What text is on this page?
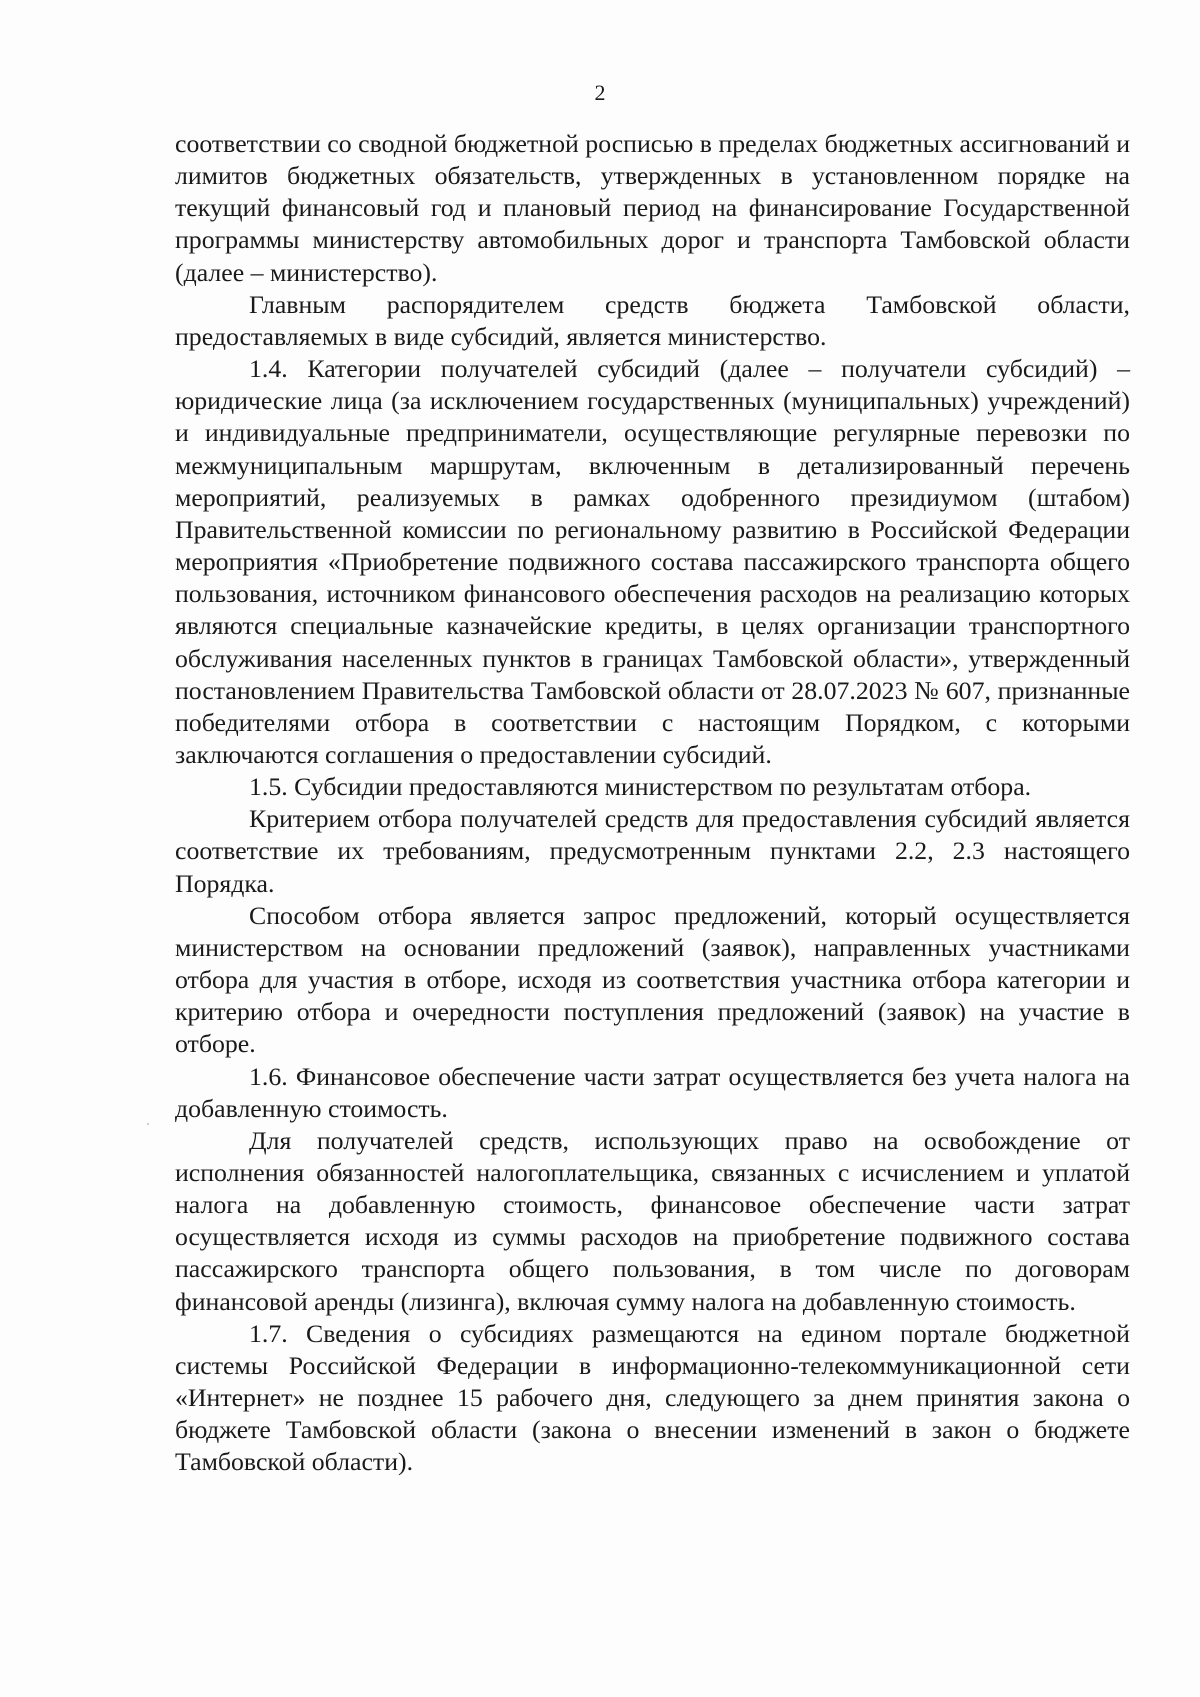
2

соответствии со сводной бюджетной росписью в пределах бюджетных ассигнований и лимитов бюджетных обязательств, утвержденных в установленном порядке на текущий финансовый год и плановый период на финансирование Государственной программы министерству автомобильных дорог и транспорта Тамбовской области (далее – министерство).

Главным распорядителем средств бюджета Тамбовской области, предоставляемых в виде субсидий, является министерство.

1.4. Категории получателей субсидий (далее – получатели субсидий) – юридические лица (за исключением государственных (муниципальных) учреждений) и индивидуальные предприниматели, осуществляющие регулярные перевозки по межмуниципальным маршрутам, включенным в детализированный перечень мероприятий, реализуемых в рамках одобренного президиумом (штабом) Правительственной комиссии по региональному развитию в Российской Федерации мероприятия «Приобретение подвижного состава пассажирского транспорта общего пользования, источником финансового обеспечения расходов на реализацию которых являются специальные казначейские кредиты, в целях организации транспортного обслуживания населенных пунктов в границах Тамбовской области», утвержденный постановлением Правительства Тамбовской области от 28.07.2023 № 607, признанные победителями отбора в соответствии с настоящим Порядком, с которыми заключаются соглашения о предоставлении субсидий.

1.5. Субсидии предоставляются министерством по результатам отбора.

Критерием отбора получателей средств для предоставления субсидий является соответствие их требованиям, предусмотренным пунктами 2.2, 2.3 настоящего Порядка.

Способом отбора является запрос предложений, который осуществляется министерством на основании предложений (заявок), направленных участниками отбора для участия в отборе, исходя из соответствия участника отбора категории и критерию отбора и очередности поступления предложений (заявок) на участие в отборе.

1.6. Финансовое обеспечение части затрат осуществляется без учета налога на добавленную стоимость.

Для получателей средств, использующих право на освобождение от исполнения обязанностей налогоплательщика, связанных с исчислением и уплатой налога на добавленную стоимость, финансовое обеспечение части затрат осуществляется исходя из суммы расходов на приобретение подвижного состава пассажирского транспорта общего пользования, в том числе по договорам финансовой аренды (лизинга), включая сумму налога на добавленную стоимость.

1.7. Сведения о субсидиях размещаются на едином портале бюджетной системы Российской Федерации в информационно-телекоммуникационной сети «Интернет» не позднее 15 рабочего дня, следующего за днем принятия закона о бюджете Тамбовской области (закона о внесении изменений в закон о бюджете Тамбовской области).
